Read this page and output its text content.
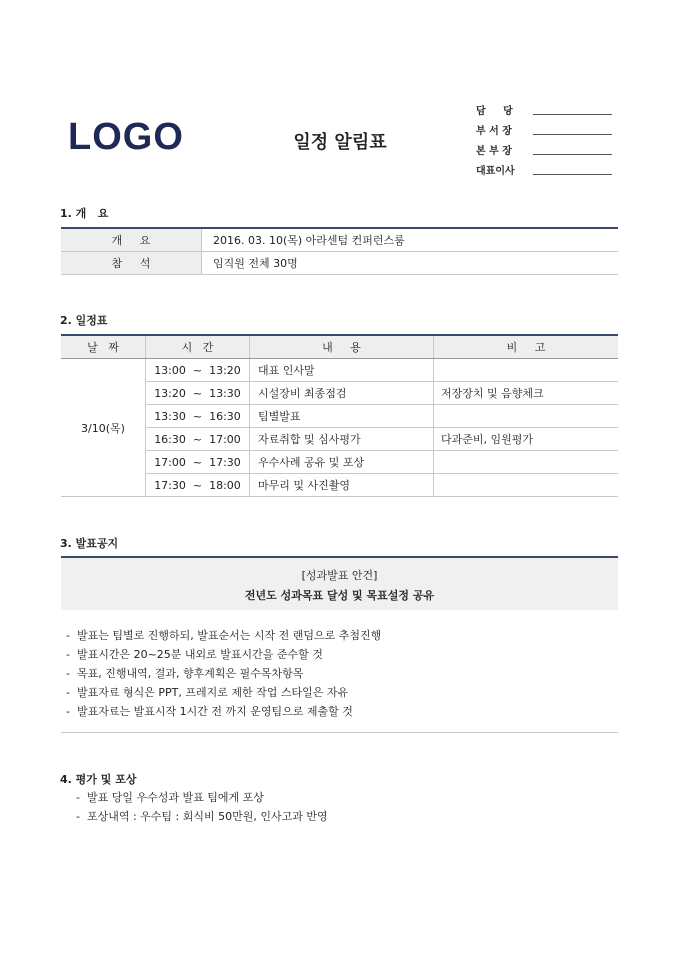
LOGO	일정 알림표
담     당
부 서 장
본 부 장
대표이사
1. 개   요
개     요	2016. 03. 10(목) 아라센텀 컨퍼런스룸
참     석	임직원 전체 30명
2. 일정표
날   짜	시   간	내     용	비     고
3/10(목)	13:00  ~  13:20	대표 인사말	
	13:20  ~  13:30	시설장비 최종점검	저장장치 및 음향체크
	13:30  ~  16:30	팀별발표	
	16:30  ~  17:00	자료취합 및 심사평가	다과준비, 임원평가
	17:00  ~  17:30	우수사례 공유 및 포상	
	17:30  ~  18:00	마무리 및 사진촬영	
3. 발표공지
[성과발표 안건]
전년도 성과목표 달성 및 목표설정 공유
-  발표는 팀별로 진행하되, 발표순서는 시작 전 랜덤으로 추첨진행
-  발표시간은 20~25분 내외로 발표시간을 준수할 것
-  목표, 진행내역, 결과, 향후계획은 필수목차항목
-  발표자료 형식은 PPT, 프레지로 제한 작업 스타일은 자유
-  발표자료는 발표시작 1시간 전 까지 운영팀으로 제출할 것
4. 평가 및 포상
-  발표 당일 우수성과 발표 팀에게 포상
-  포상내역 : 우수팀 : 회식비 50만원, 인사고과 반영
